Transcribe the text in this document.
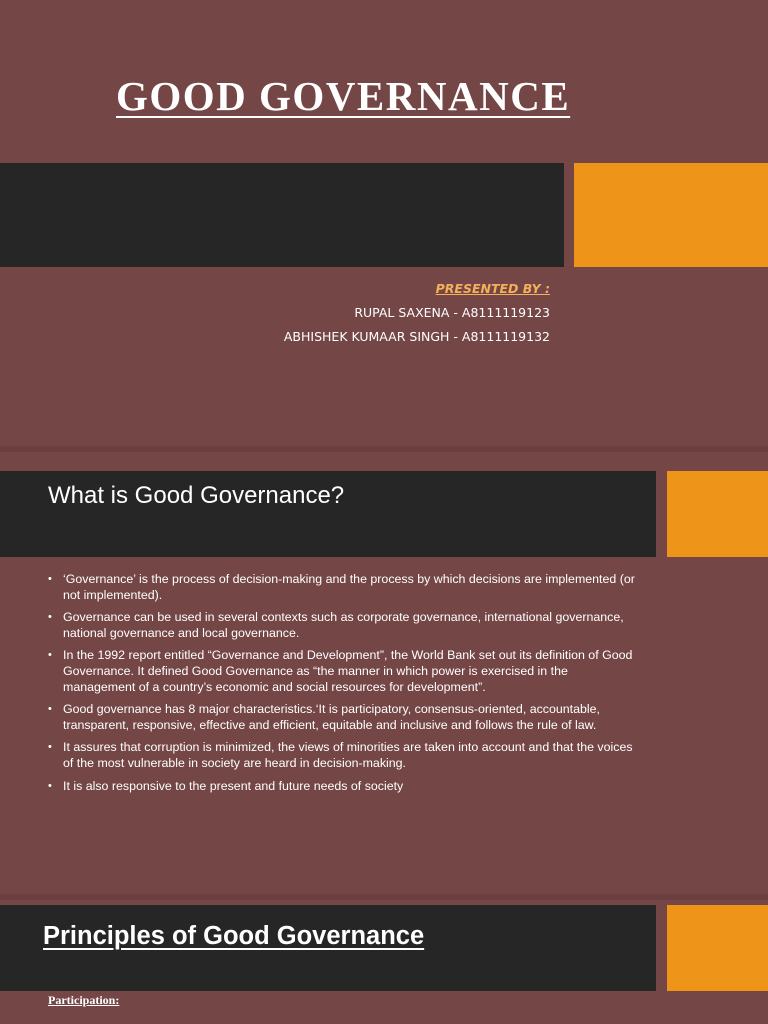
GOOD GOVERNANCE
PRESENTED BY :
RUPAL SAXENA - A8111119123
ABHISHEK KUMAAR SINGH - A8111119132
What is Good Governance?
• ‘Governance’ is the process of decision-making and the process by which decisions are implemented (or not implemented).
• Governance can be used in several contexts such as corporate governance, international governance, national governance and local governance.
• In the 1992 report entitled “Governance and Development”, the World Bank set out its definition of Good Governance. It defined Good Governance as “the manner in which power is exercised in the management of a country’s economic and social resources for development”.
• Good governance has 8 major characteristics.‘It is participatory, consensus-oriented, accountable, transparent, responsive, effective and efficient, equitable and inclusive and follows the rule of law.
• It assures that corruption is minimized, the views of minorities are taken into account and that the voices of the most vulnerable in society are heard in decision-making.
• It is also responsive to the present and future needs of society
Principles of Good Governance
Participation:
